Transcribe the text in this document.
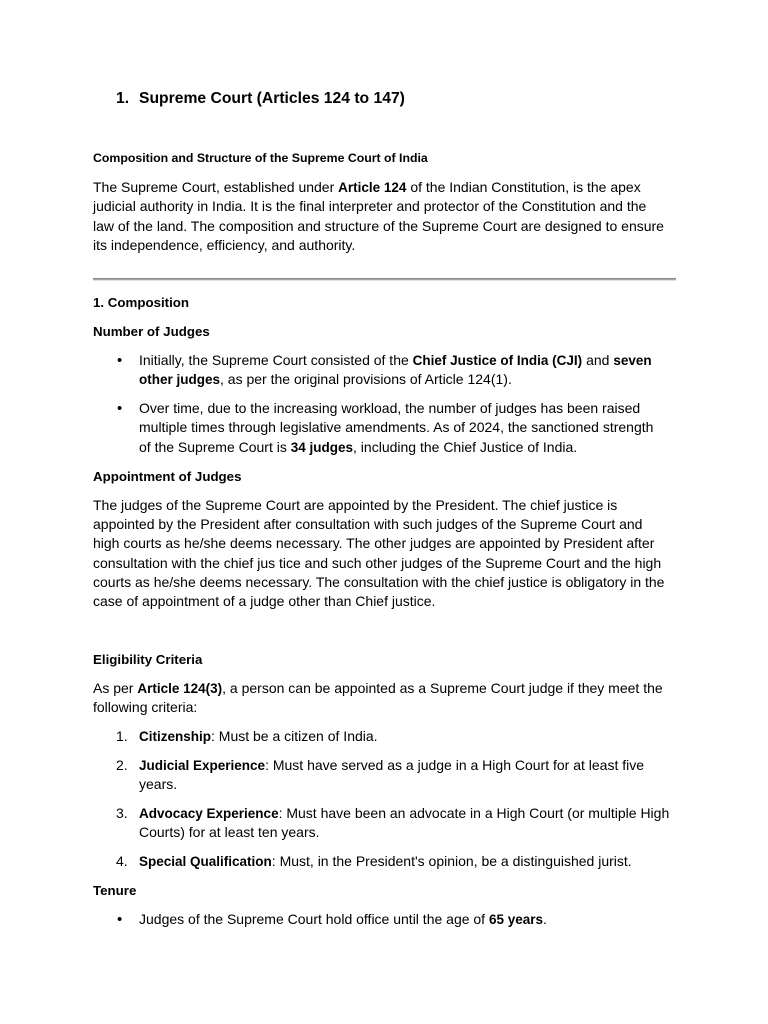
1. Supreme Court (Articles 124 to 147)
Composition and Structure of the Supreme Court of India
The Supreme Court, established under Article 124 of the Indian Constitution, is the apex
judicial authority in India. It is the final interpreter and protector of the Constitution and the
law of the land. The composition and structure of the Supreme Court are designed to ensure
its independence, efficiency, and authority.
1. Composition
Number of Judges
•	Initially, the Supreme Court consisted of the Chief Justice of India (CJI) and seven
other judges, as per the original provisions of Article 124(1).
•	Over time, due to the increasing workload, the number of judges has been raised
multiple times through legislative amendments. As of 2024, the sanctioned strength
of the Supreme Court is 34 judges, including the Chief Justice of India.
Appointment of Judges
The judges of the Supreme Court are appointed by the President. The chief justice is
appointed by the President after consultation with such judges of the Supreme Court and
high courts as he/she deems necessary. The other judges are appointed by President after
consultation with the chief jus tice and such other judges of the Supreme Court and the high
courts as he/she deems necessary. The consultation with the chief justice is obligatory in the
case of appointment of a judge other than Chief justice.
Eligibility Criteria
As per Article 124(3), a person can be appointed as a Supreme Court judge if they meet the
following criteria:
1. Citizenship: Must be a citizen of India.
2. Judicial Experience: Must have served as a judge in a High Court for at least five
years.
3. Advocacy Experience: Must have been an advocate in a High Court (or multiple High
Courts) for at least ten years.
4. Special Qualification: Must, in the President's opinion, be a distinguished jurist.
Tenure
•	Judges of the Supreme Court hold office until the age of 65 years.
